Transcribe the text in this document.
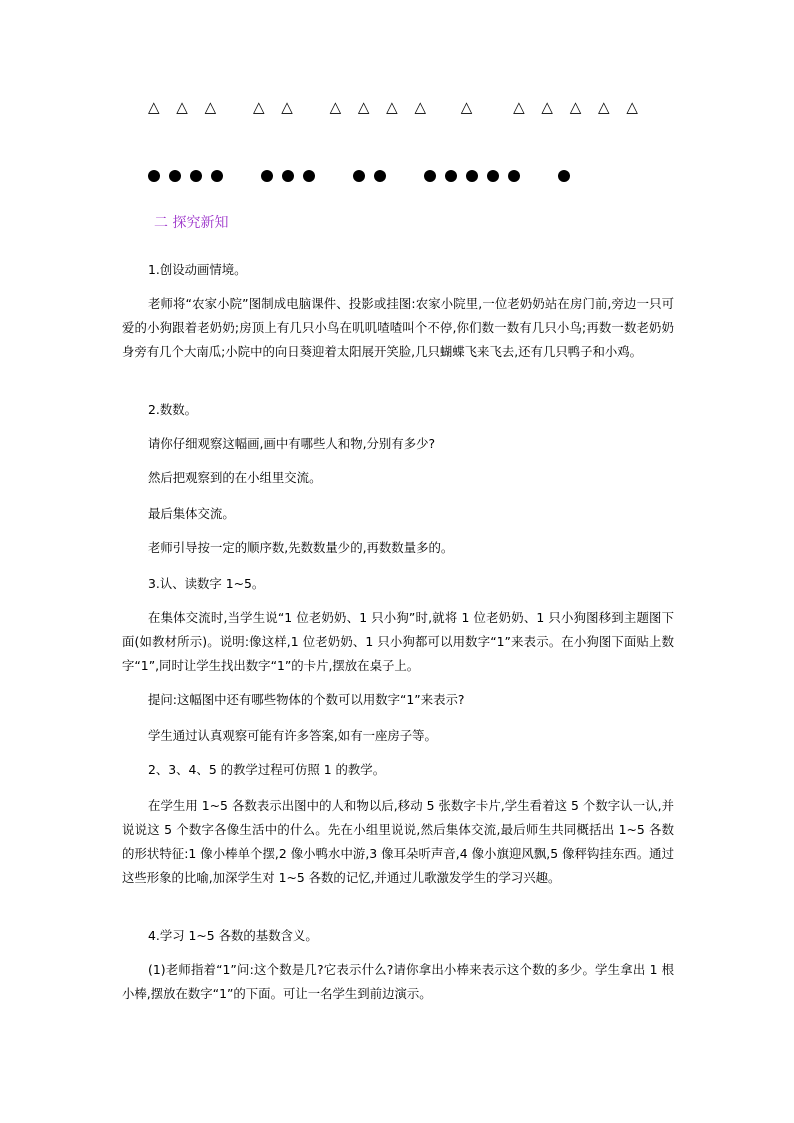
△ △ △ △ △ △ △ △ △ △ △ △ △ △ △
二 探究新知

1.创设动画情境。

老师将“农家小院”图制成电脑课件、投影或挂图:农家小院里,一位老奶奶站在房门前,旁边一只可爱的小狗跟着老奶奶;房顶上有几只小鸟在叽叽喳喳叫个不停,你们数一数有几只小鸟;再数一数老奶奶身旁有几个大南瓜;小院中的向日葵迎着太阳展开笑脸,几只蝴蝶飞来飞去,还有几只鸭子和小鸡。

2.数数。

请你仔细观察这幅画,画中有哪些人和物,分别有多少?

然后把观察到的在小组里交流。

最后集体交流。

老师引导按一定的顺序数,先数数量少的,再数数量多的。

3.认、读数字 1~5。

在集体交流时,当学生说“1 位老奶奶、1 只小狗”时,就将 1 位老奶奶、1 只小狗图移到主题图下面(如教材所示)。说明:像这样,1 位老奶奶、1 只小狗都可以用数字“1”来表示。在小狗图下面贴上数字“1”,同时让学生找出数字“1”的卡片,摆放在桌子上。

提问:这幅图中还有哪些物体的个数可以用数字“1”来表示?

学生通过认真观察可能有许多答案,如有一座房子等。

2、3、4、5 的教学过程可仿照 1 的教学。

在学生用 1~5 各数表示出图中的人和物以后,移动 5 张数字卡片,学生看着这 5 个数字认一认,并说说这 5 个数字各像生活中的什么。先在小组里说说,然后集体交流,最后师生共同概括出 1~5 各数的形状特征:1 像小棒单个摆,2 像小鸭水中游,3 像耳朵听声音,4 像小旗迎风飘,5 像秤钩挂东西。通过这些形象的比喻,加深学生对 1~5 各数的记忆,并通过儿歌激发学生的学习兴趣。

4.学习 1~5 各数的基数含义。

(1)老师指着“1”问:这个数是几?它表示什么?请你拿出小棒来表示这个数的多少。学生拿出 1 根小棒,摆放在数字“1”的下面。可让一名学生到前边演示。
